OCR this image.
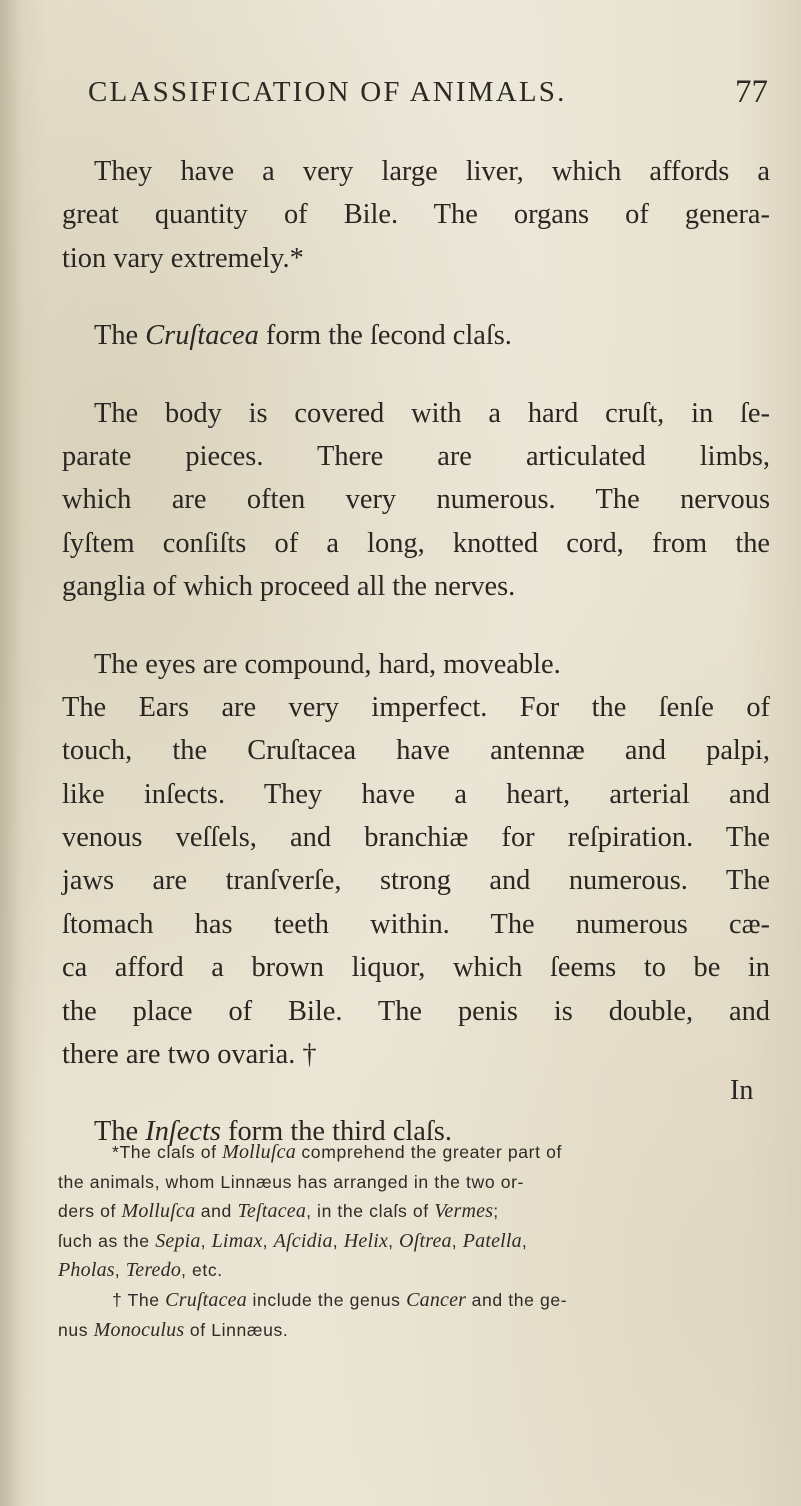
CLASSIFICATION OF ANIMALS.	77
They have a very large liver, which affords a
great quantity of Bile. The organs of genera-
tion vary extremely.*
The Cruſtacea form the ſecond claſs.
The body is covered with a hard cruſt, in ſe-
parate pieces. There are articulated limbs,
which are often very numerous. The nervous
ſyſtem conſiſts of a long, knotted cord, from the
ganglia of which proceed all the nerves.
The eyes are compound, hard, moveable.
The Ears are very imperfect. For the ſenſe of
touch, the Cruſtacea have antennæ and palpi,
like inſects. They have a heart, arterial and
venous veſſels, and branchiæ for reſpiration. The
jaws are tranſverſe, strong and numerous. The
ſtomach has teeth within. The numerous cæ-
ca afford a brown liquor, which ſeems to be in
the place of Bile. The penis is double, and
there are two ovaria. †
The Inſects form the third claſs.
In
*The claſs of Molluſca comprehend the greater part of
the animals, whom Linnæus has arranged in the two or-
ders of Molluſca and Teſtacea, in the claſs of Vermes;
ſuch as the Sepia, Limax, Aſcidia, Helix, Oſtrea, Patella,
Pholas, Teredo, etc.
† The Cruſtacea include the genus Cancer and the ge-
nus Monoculus of Linnæus.
